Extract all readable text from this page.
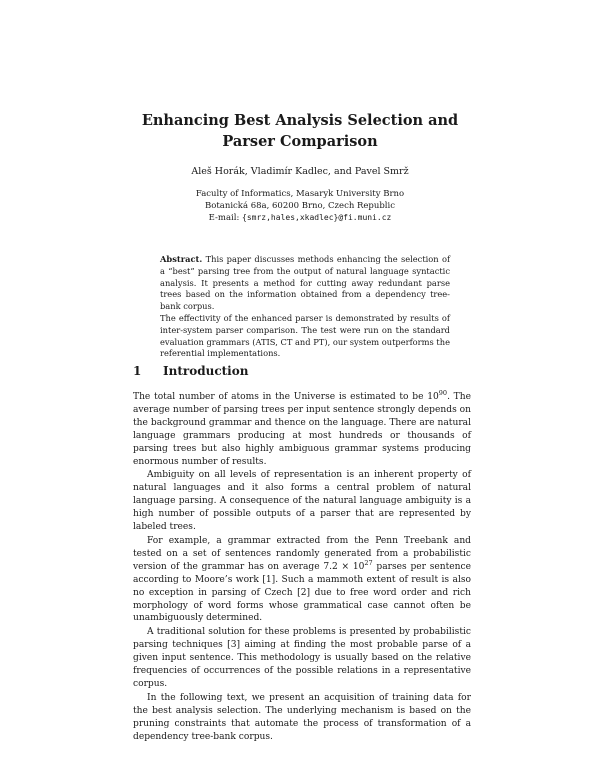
Enhancing Best Analysis Selection and Parser Comparison
Aleš Horák, Vladimír Kadlec, and Pavel Smrž
Faculty of Informatics, Masaryk University Brno
Botanická 68a, 60200 Brno, Czech Republic
E-mail: {smrz,hales,xkadlec}@fi.muni.cz

Abstract. This paper discusses methods enhancing the selection of a “best” parsing tree from the output of natural language syntactic analysis. It presents a method for cutting away redundant parse trees based on the information obtained from a dependency tree-bank corpus.

The effectivity of the enhanced parser is demonstrated by results of inter-system parser comparison. The test were run on the standard evaluation grammars (ATIS, CT and PT), our system outperforms the referential implementations.

1 Introduction

The total number of atoms in the Universe is estimated to be $10^{90}$. The average number of parsing trees per input sentence strongly depends on the background grammar and thence on the language. There are natural language grammars producing at most hundreds or thousands of parsing trees but also highly ambiguous grammar systems producing enormous number of results.

Ambiguity on all levels of representation is an inherent property of natural languages and it also forms a central problem of natural language parsing. A consequence of the natural language ambiguity is a high number of possible outputs of a parser that are represented by labeled trees.

For example, a grammar extracted from the Penn Treebank and tested on a set of sentences randomly generated from a probabilistic version of the grammar has on average $7.2 \times 10^{27}$ parses per sentence according to Moore’s work [1]. Such a mammoth extent of result is also no exception in parsing of Czech [2] due to free word order and rich morphology of word forms whose grammatical case cannot often be unambiguously determined.

A traditional solution for these problems is presented by probabilistic parsing techniques [3] aiming at finding the most probable parse of a given input sentence. This methodology is usually based on the relative frequencies of occurrences of the possible relations in a representative corpus.

In the following text, we present an acquisition of training data for the best analysis selection. The underlying mechanism is based on the pruning constraints that automate the process of transformation of a dependency tree-bank corpus.
